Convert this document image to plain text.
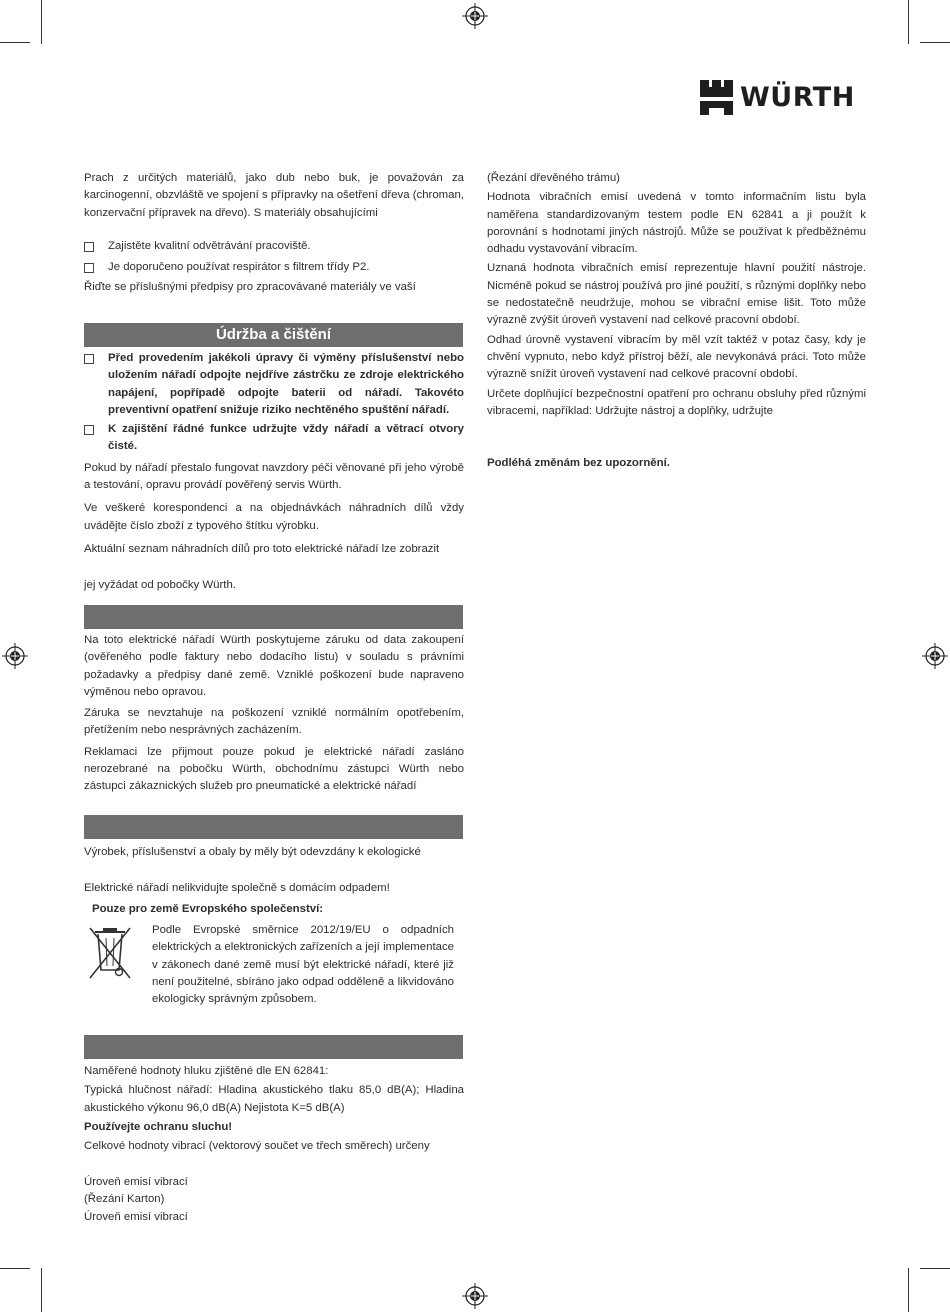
WÜRTH

Prach z určitých materiálů, jako dub nebo buk, je považován za karcinogenní, obzvláště ve spojení s přípravky na ošetření dřeva (chroman, konzervační přípravek na dřevo). S materiály obsahujícími

Zajistěte kvalitní odvětrávání pracoviště.
Je doporučeno používat respirátor s filtrem třídy P2.

Řiďte se příslušnými předpisy pro zpracovávané materiály ve vaší

Údržba a čištění

Před provedením jakékoli úpravy či výměny příslušenství nebo uložením nářadí odpojte nejdříve zástrčku ze zdroje elektrického napájení, popřípadě odpojte baterii od nářadí. Takovéto preventivní opatření snižuje riziko nechtěného spuštění nářadí.

K zajištění řádné funkce udržujte vždy nářadí a větrací otvory čisté.

Pokud by nářadí přestalo fungovat navzdory péči věnované při jeho výrobě a testování, opravu provádí pověřený servis Würth.

Ve veškeré korespondenci a na objednávkách náhradních dílů vždy uvádějte číslo zboží z typového štítku výrobku.

Aktuální seznam náhradních dílů pro toto elektrické nářadí lze zobrazit

jej vyžádat od pobočky Würth.

Na toto elektrické nářadí Würth poskytujeme záruku od data zakoupení (ověřeného podle faktury nebo dodacího listu) v souladu s právními požadavky a předpisy dané země. Vzniklé poškození bude napraveno výměnou nebo opravou.

Záruka se nevztahuje na poškození vzniklé normálním opotřebením, přetížením nebo nesprávných zacházením.

Reklamaci lze přijmout pouze pokud je elektrické nářadí zasláno nerozebrané na pobočku Würth, obchodnímu zástupci Würth nebo zástupci zákaznických služeb pro pneumatické a elektrické nářadí

Výrobek, příslušenství a obaly by měly být odevzdány k ekologické

Elektrické nářadí nelikvidujte společně s domácím odpadem!

Pouze pro země Evropského společenství:
Podle Evropské směrnice 2012/19/EU o odpadních elektrických a elektronických zařízeních a její implementace v zákonech dané země musí být elektrické nářadí, které již není použitelné, sbíráno jako odpad odděleně a likvidováno ekologicky správným způsobem.

Naměřené hodnoty hluku zjištěné dle EN 62841:

Typická hlučnost nářadí: Hladina akustického tlaku 85,0 dB(A); Hladina akustického výkonu 96,0 dB(A) Nejistota K=5 dB(A)

Používejte ochranu sluchu!

Celkové hodnoty vibrací (vektorový součet ve třech směrech) určeny

Úroveň emisí vibrací
(Řezání Karton)
Úroveň emisí vibrací

(Řezání dřevěného trámu)

Hodnota vibračních emisí uvedená v tomto informačním listu byla naměřena standardizovaným testem podle EN 62841 a ji použít k porovnání s hodnotami jiných nástrojů. Může se používat k předběžnému odhadu vystavování vibracím.

Uznaná hodnota vibračních emisí reprezentuje hlavní použití nástroje. Nicméně pokud se nástroj používá pro jiné použití, s různými doplňky nebo se nedostatečně neudržuje, mohou se vibrační emise lišit. Toto může výrazně zvýšit úroveň vystavení nad celkové pracovní období.

Odhad úrovně vystavení vibracím by měl vzít taktéž v potaz časy, kdy je chvění vypnuto, nebo když přístroj běží, ale nevykonává práci. Toto může výrazně snížit úroveň vystavení nad celkové pracovní období.

Určete doplňující bezpečnostní opatření pro ochranu obsluhy před různými vibracemi, například: Udržujte nástroj a doplňky, udržujte

Podléhá změnám bez upozornění.
